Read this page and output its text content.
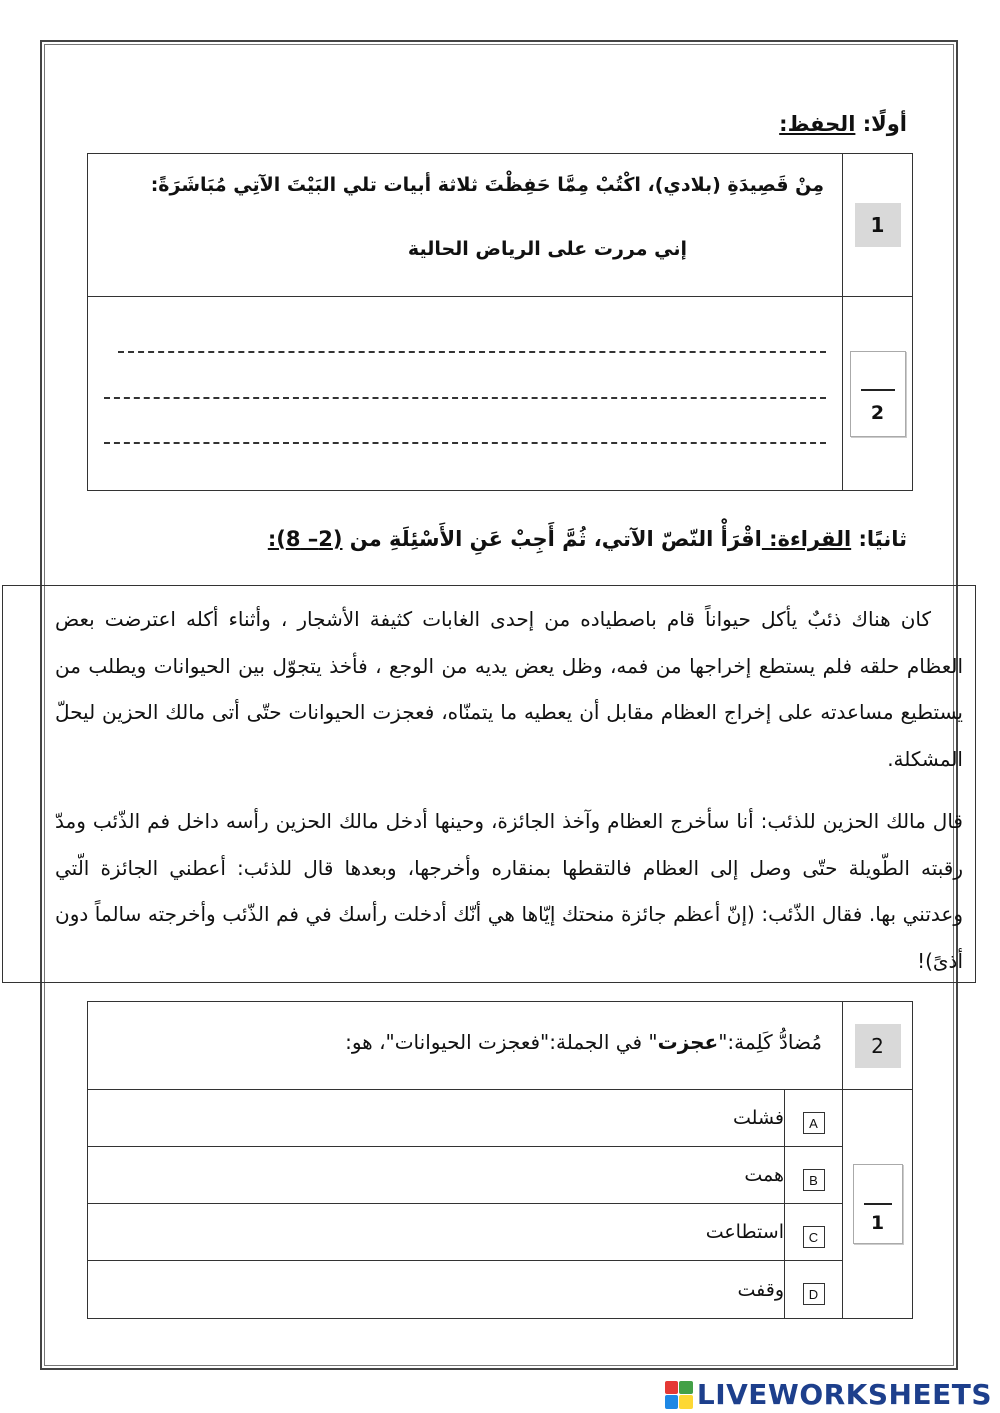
أولًا: الحفظ:
مِنْ قَصِيدَةِ (بلادي)، اكْتُبْ مِمَّا حَفِظْتَ ثلاثة أبيات تلي البَيْتَ الآتِي مُبَاشَرَةً:
إني مررت على الرياض الحالية	1

	2
ثانيًا: القراءة: اقْرَأْ النّصّ الآتي، ثُمَّ أَجِبْ عَنِ الأَسْئِلَةِ من (2– 8):

كان هناك ذئبٌ يأكل حيواناً قام باصطياده من إحدى الغابات كثيفة الأشجار ، وأثناء أكله اعترضت بعض العظام حلقه فلم يستطع إخراجها من فمه، وظل يعض يديه من الوجع ، فأخذ يتجوّل بين الحيوانات ويطلب من يستطيع مساعدته على إخراج العظام مقابل أن يعطيه ما يتمنّاه، فعجزت الحيوانات حتّى أتى مالك الحزين ليحلّ المشكلة.

قال مالك الحزين للذئب: أنا سأخرج العظام وآخذ الجائزة، وحينها أدخل مالك الحزين رأسه داخل فم الذّئب ومدّ رقبته الطّويلة حتّى وصل إلى العظام فالتقطها بمنقاره وأخرجها، وبعدها قال للذئب: أعطني الجائزة الّتي وعدتني بها. فقال الذّئب: (إنّ أعظم جائزة منحتك إيّاها هي أنّك أدخلت رأسك في فم الذّئب وأخرجته سالماً دون أذىً)!

مُضادُّ كَلِمة:"عجزت" في الجملة:"فعجزت الحيوانات"، هو:		2

فشلت	A	1

همت	B	

استطاعت	C	

وقفت	D	
LIVEWORKSHEETS
